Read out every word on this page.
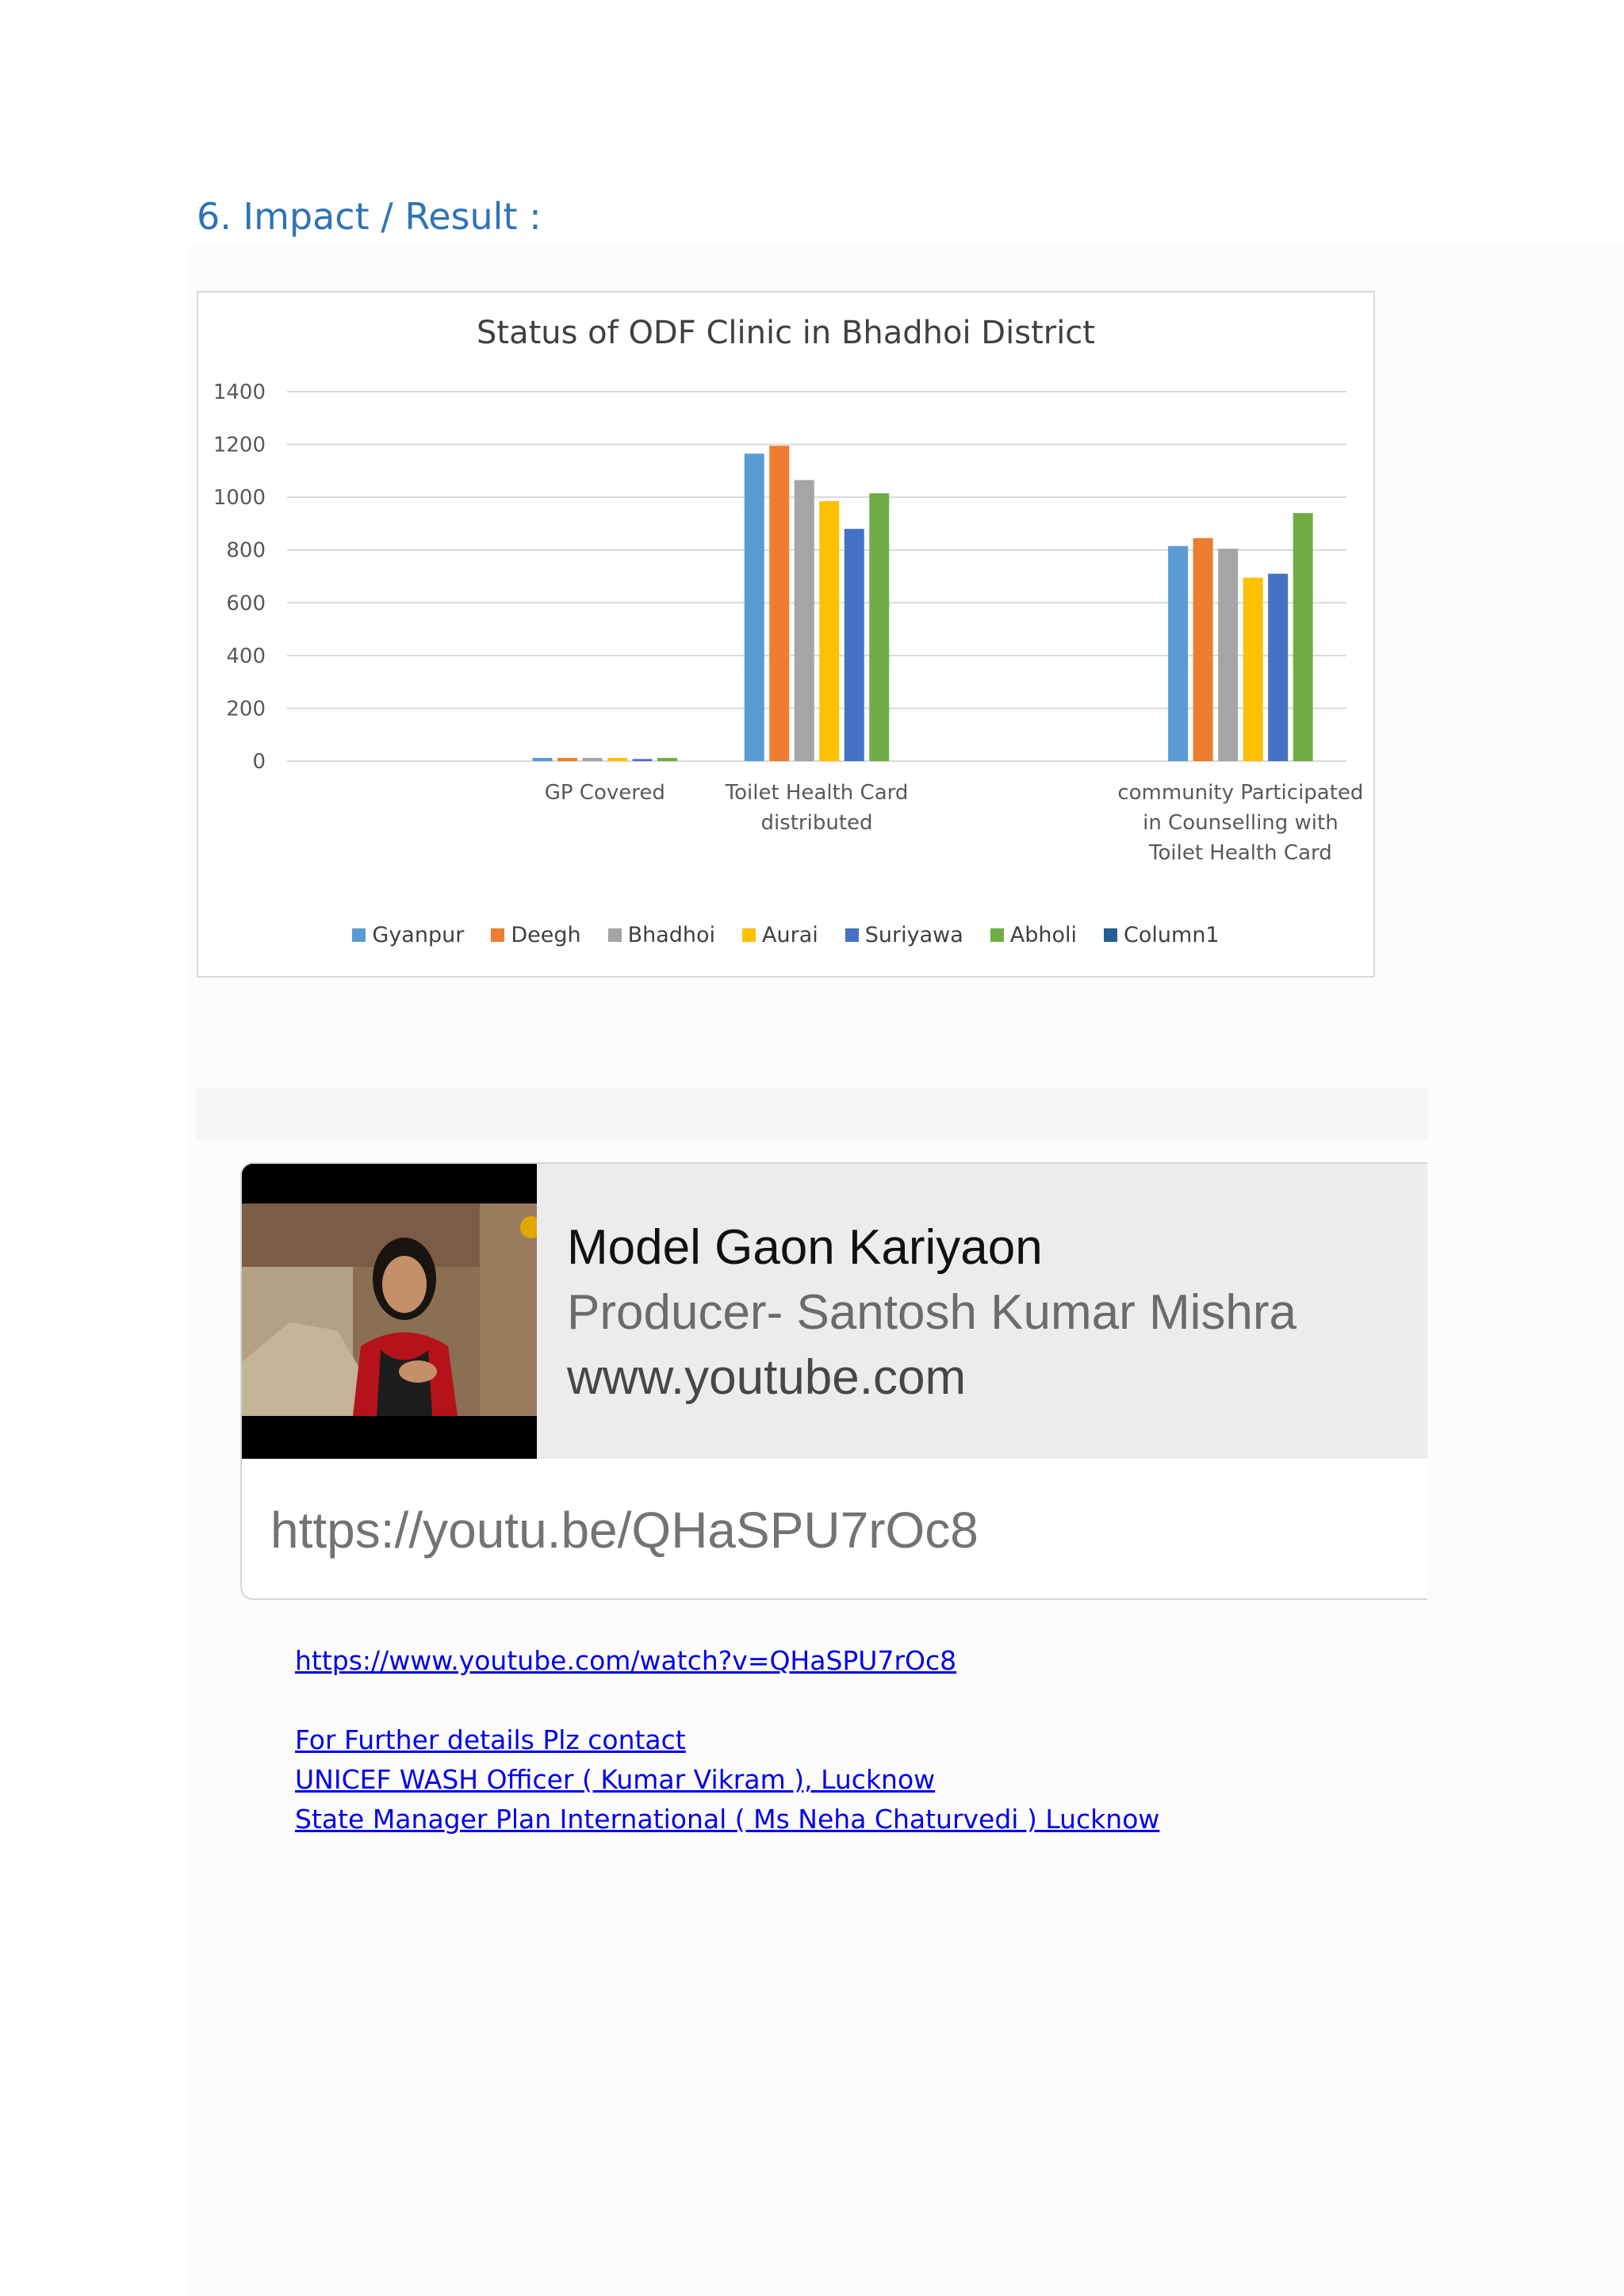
6. Impact / Result :
Status of ODF Clinic in Bhadhoi District
0
200
400
600
800
1000
1200
1400
GP Covered	Toilet Health Card
distributed
community Participated
in Counselling with
Toilet Health Card
Gyanpur Deegh Bhadhoi Aurai Suriyawa Abholi Column1
Model Gaon Kariyaon
Producer- Santosh Kumar Mishra
www.youtube.com
https://youtu.be/QHaSPU7rOc8
https://www.youtube.com/watch?v=QHaSPU7rOc8
For Further details Plz contact
UNICEF WASH Officer ( Kumar Vikram ), Lucknow
State Manager Plan International ( Ms Neha Chaturvedi ) Lucknow
